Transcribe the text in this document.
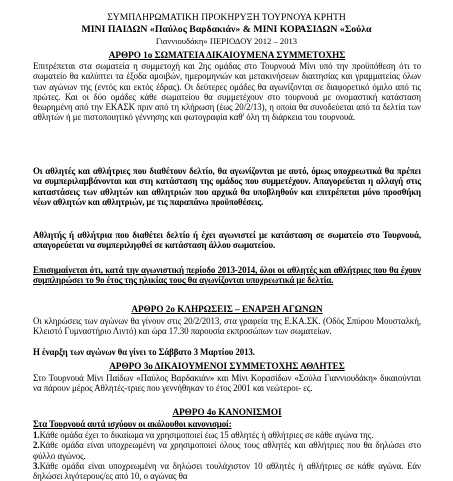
ΣΥΜΠΛΗΡΩΜΑΤΙΚΗ ΠΡΟΚΗΡΥΞΗ ΤΟΥΡΝΟΥΑ ΚΡΗΤΗ

ΜΙΝΙ ΠΑΙΔΩΝ «Παύλος Βαρδακιάν» & ΜΙΝΙ ΚΟΡΑΣΙΔΩΝ «Σούλα

Γιαννιουδάκη» ΠΕΡΙΟΔΟΥ 2012 – 2013

ΑΡΘΡΟ 1ο ΣΩΜΑΤΕΙΑ ΔΙΚΑΙΟΥΜΕΝΑ ΣΥΜΜΕΤΟΧΗΣ

Επιτρέπεται στα σωματεία η συμμετοχή και 2ης ομάδας στο Τουρνουά Μίνι υπό την προϋπόθεση ότι το σωματείο θα καλύπτει τα έξοδα αμοιβών, ημερομηνιών και μετακινήσεων διαιτησίας και γραμματείας όλων των αγώνων της (εντός και εκτός έδρας). Οι δεύτερες ομάδες θα αγωνίζονται σε διαφορετικό όμιλο από τις πρώτες. Και οι δύο ομάδες κάθε σωματείου θα συμμετέχουν στο τουρνουά με ονομαστική κατάσταση θεωρημένη από την ΕΚΑΣΚ πριν από τη κλήρωση (έως 20/2/13), η οποία θα συνοδεύεται από τα δελτία των αθλητών ή με πιστοποιητικό γέννησης και φωτογραφία καθ' όλη τη διάρκεια του τουρνουά.

Οι αθλητές και αθλήτριες που διαθέτουν δελτίο, θα αγωνίζονται με αυτό, όμως υποχρεωτικά θα πρέπει να συμπεριλαμβάνονται και στη κατάσταση της ομάδος που συμμετέχουν. Απαγορεύεται η αλλαγή στις καταστάσεις των αθλητών και αθλητριών που αρχικά θα υποβληθούν και επιτρέπεται μόνο προσθήκη νέων αθλητών και αθλητριών, με τις παραπάνω προϋποθέσεις.

Αθλητής ή αθλήτρια που διαθέτει δελτίο ή έχει αγωνιστεί με κατάσταση σε σωματείο στο Τουρνουά, απαγορεύεται να συμπεριληφθεί σε κατάσταση άλλου σωματείου.

Επισημαίνεται ότι, κατά την αγωνιστική περίοδο 2013-2014, όλοι οι αθλητές και αθλήτριες που θα έχουν συμπληρώσει το 9ο έτος της ηλικίας τους θα αγωνίζονται υποχρεωτικά με δελτία.

ΑΡΘΡΟ 2ο ΚΛΗΡΩΣΕΙΣ – ΕΝΑΡΞΗ ΑΓΩΝΩΝ

Οι κληρώσεις των αγώνων θα γίνουν στις 20/2/2013, στα γραφεία της Ε.ΚΑ.ΣΚ. (Οδός Σπύρου Μουσταλκή, Κλειστό Γυμναστήριο Λιντό) και ώρα 17.30 παρουσία εκπροσώπων των σωματείων.

Η έναρξη των αγώνων θα γίνει το Σάββατο 3 Μαρτίου 2013.

ΑΡΘΡΟ 3ο ΔΙΚΑΙΟΥΜΕΝΟΙ ΣΥΜΜΕΤΟΧΗΣ ΑΘΛΗΤΕΣ

Στο Τουρνουά Μίνι Παίδων «Παύλος Βαρδακιάν» και Μίνι Κορασίδων «Σούλα Γιαννιουδάκη» δικαιούνται να πάρουν μέρος Αθλητές-τριες που γεννήθηκαν το έτος 2001 και νεώτεροι- ες.

ΑΡΘΡΟ 4ο ΚΑΝΟΝΙΣΜΟΙ

Στα Τουρνουά αυτά ισχύουν οι ακόλουθοι κανονισμοί:

1.Κάθε ομάδα έχει το δικαίωμα να χρησιμοποιεί έως 15 αθλητές ή αθλήτριες σε κάθε αγώνα της.

2.Κάθε ομάδα είναι υποχρεωμένη να χρησιμοποιεί όλους τους αθλητές και αθλήτριες που θα δηλώσει στο φύλλο αγώνος.

3.Κάθε ομάδα είναι υποχρεωμένη να δηλώσει τουλάχιστον 10 αθλητές ή αθλήτριες σε κάθε αγώνα. Εάν δηλώσει λιγότερους/ες από 10, ο αγώνας θα
